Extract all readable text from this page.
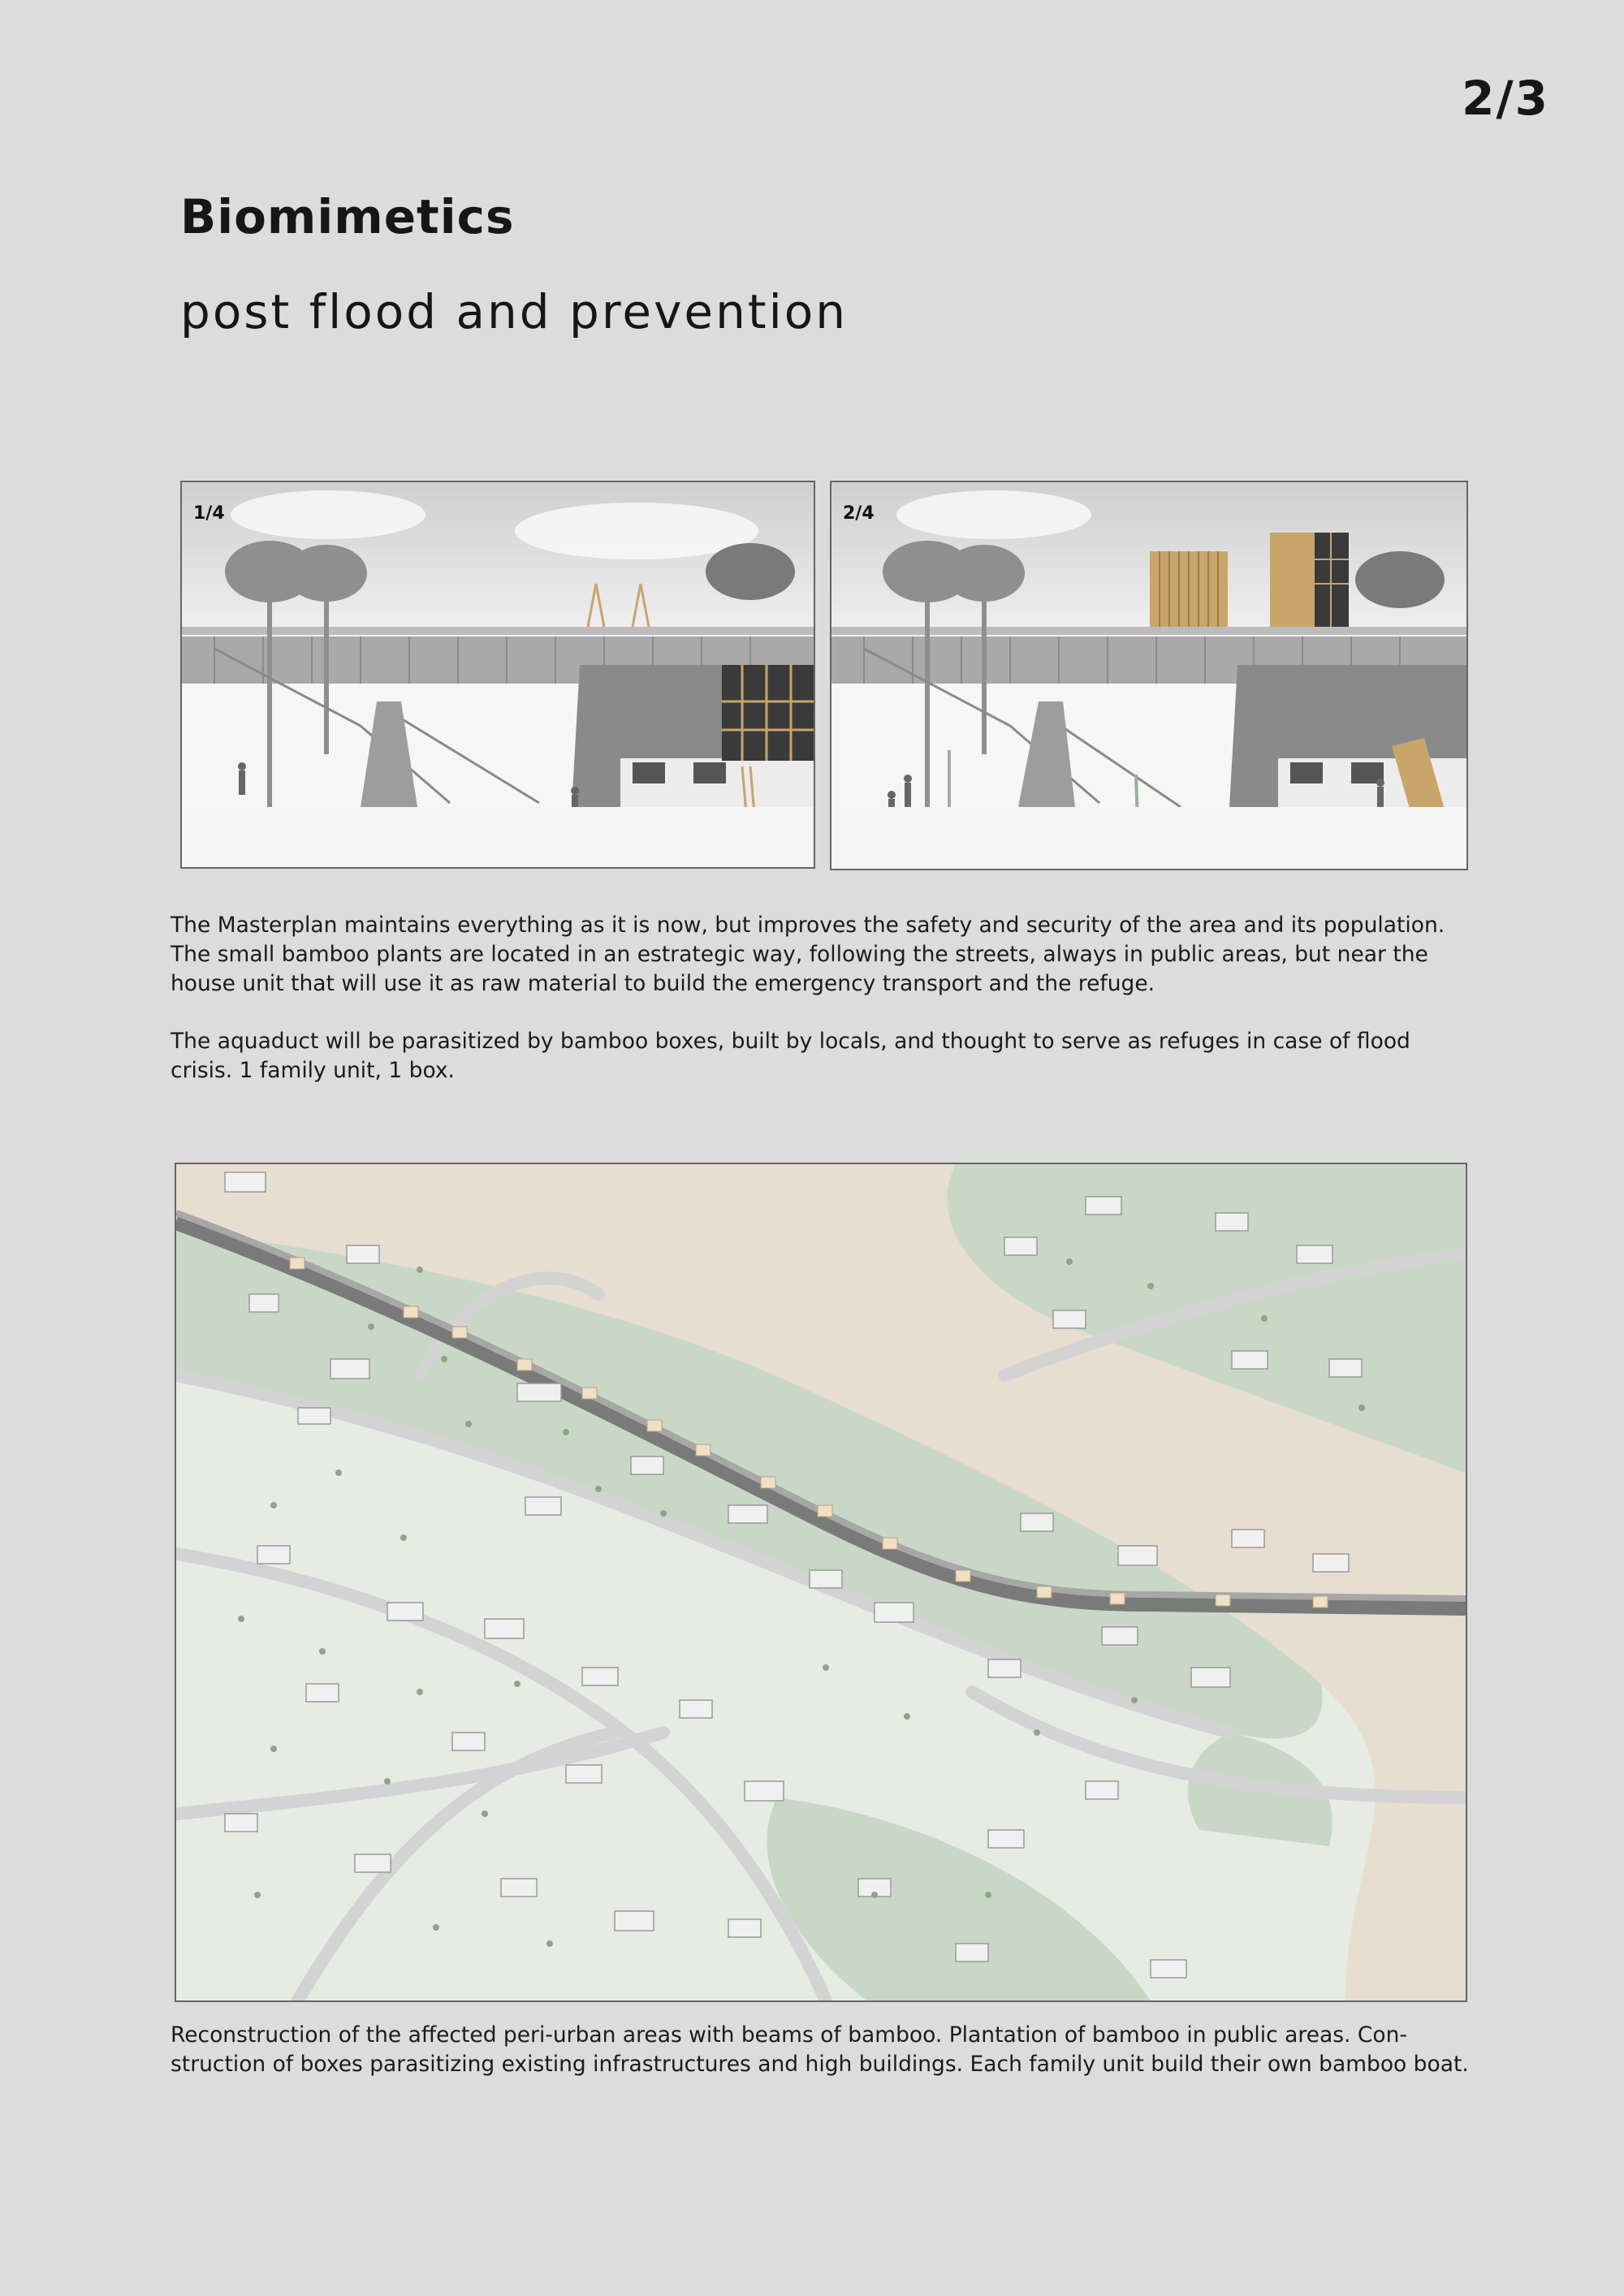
2/3
Biomimetics
post flood and prevention
1/4	2/4

The Masterplan maintains everything as it is now, but improves the safety and security of the area and its population. The small bamboo plants are located in an estrategic way, following the streets, always in public areas, but near the house unit that will use it as raw material to build the emergency transport and the refuge.

The aquaduct will be parasitized by bamboo boxes, built by locals, and thought to serve as refuges in case of flood crisis. 1 family unit, 1 box.

Reconstruction of the affected peri-urban areas with beams of bamboo. Plantation of bamboo in public areas. Con-struction of boxes parasitizing existing infrastructures and high buildings. Each family unit build their own bamboo boat.
